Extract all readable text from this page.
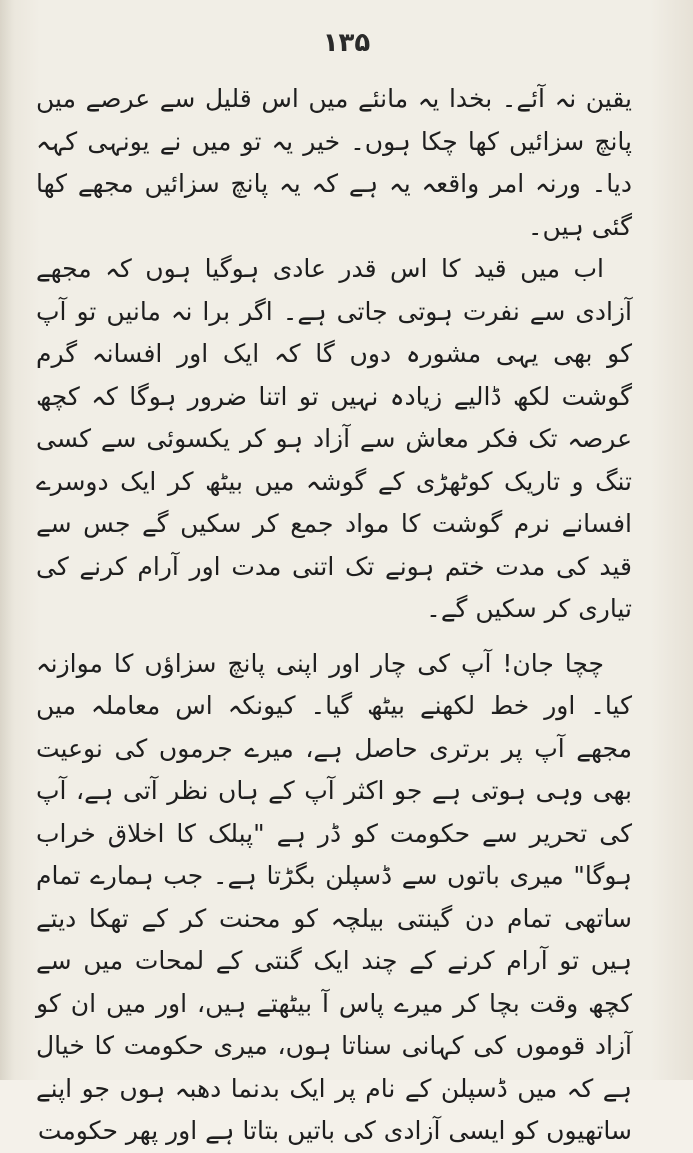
۱۳۵

یقین نہ آئے۔ بخدا یہ مانئے میں اس قلیل سے عرصے میں پانچ سزائیں کھا چکا ہوں۔ خیر یہ تو میں نے یونہی کہہ دیا۔ ورنہ امر واقعہ یہ ہے کہ یہ پانچ سزائیں مجھے کھا گئی ہیں۔

اب میں قید کا اس قدر عادی ہوگیا ہوں کہ مجھے آزادی سے نفرت ہوتی جاتی ہے۔ اگر برا نہ مانیں تو آپ کو بھی یہی مشورہ دوں گا کہ ایک اور افسانہ گرم گوشت لکھ ڈالیے زیادہ نہیں تو اتنا ضرور ہوگا کہ کچھ عرصہ تک فکر معاش سے آزاد ہو کر یکسوئی سے کسی تنگ و تاریک کوٹھڑی کے گوشہ میں بیٹھ کر ایک دوسرے افسانے نرم گوشت کا مواد جمع کر سکیں گے جس سے قید کی مدت ختم ہونے تک اتنی مدت اور آرام کرنے کی تیاری کر سکیں گے۔

چچا جان! آپ کی چار اور اپنی پانچ سزاؤں کا موازنہ کیا۔ اور خط لکھنے بیٹھ گیا۔ کیونکہ اس معاملہ میں مجھے آپ پر برتری حاصل ہے، میرے جرموں کی نوعیت بھی وہی ہوتی ہے جو اکثر آپ کے ہاں نظر آتی ہے، آپ کی تحریر سے حکومت کو ڈر ہے "پبلک کا اخلاق خراب ہوگا" میری باتوں سے ڈسپلن بگڑتا ہے۔ جب ہمارے تمام ساتھی تمام دن گینتی بیلچہ کو محنت کر کے تھکا دیتے ہیں تو آرام کرنے کے چند ایک گنتی کے لمحات میں سے کچھ وقت بچا کر میرے پاس آ بیٹھتے ہیں، اور میں ان کو آزاد قوموں کی کہانی سناتا ہوں، میری حکومت کا خیال ہے کہ میں ڈسپلن کے نام پر ایک بدنما دھبہ ہوں جو اپنے ساتھیوں کو ایسی آزادی کی باتیں بتاتا ہے اور پھر حکومت
